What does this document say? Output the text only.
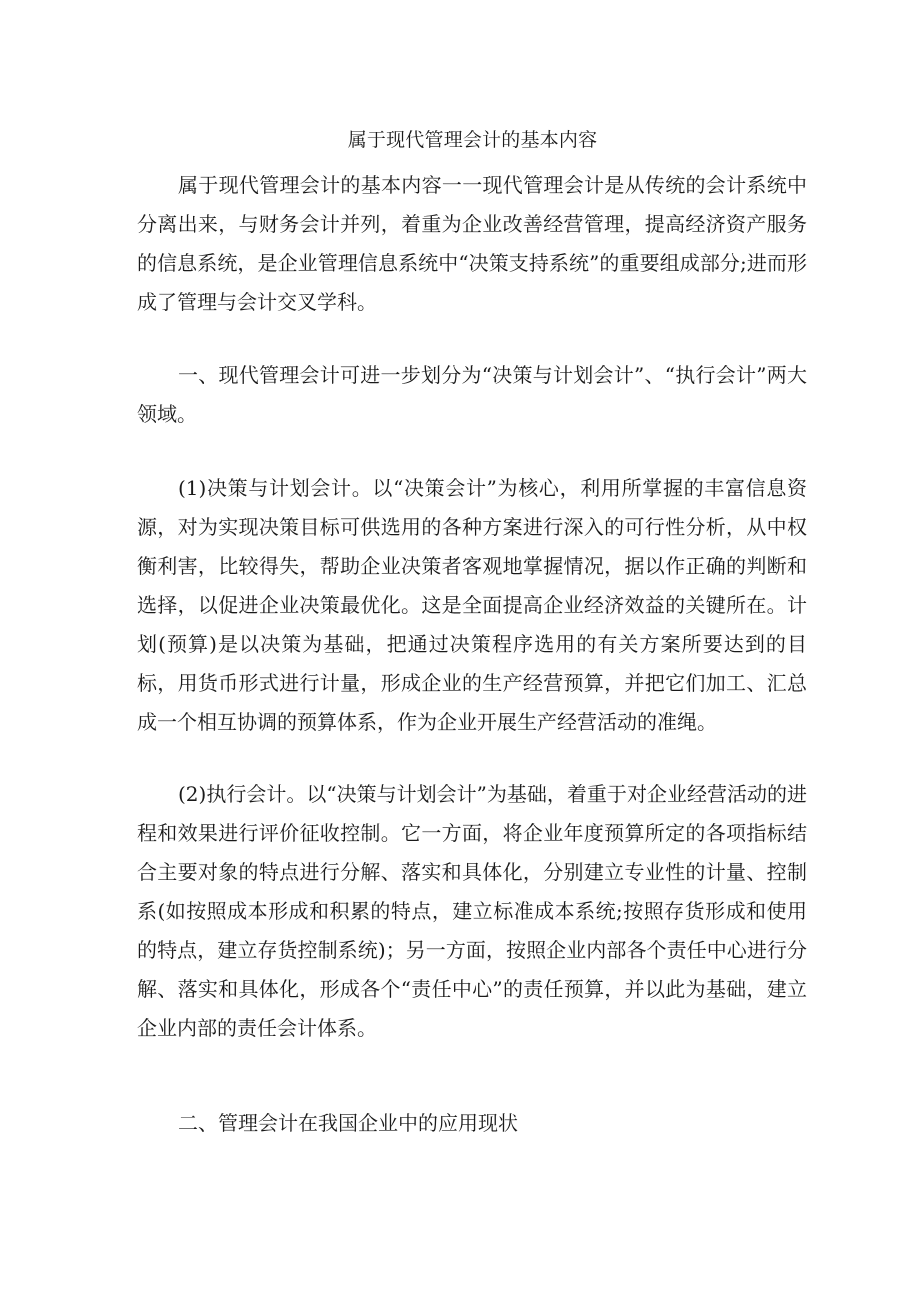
属于现代管理会计的基本内容

属于现代管理会计的基本内容一一现代管理会计是从传统的会计系统中分离出来，与财务会计并列，着重为企业改善经营管理，提高经济资产服务的信息系统，是企业管理信息系统中“决策支持系统”的重要组成部分;进而形成了管理与会计交叉学科。

一、现代管理会计可进一步划分为“决策与计划会计”、“执行会计”两大领域。

(1)决策与计划会计。以“决策会计”为核心，利用所掌握的丰富信息资源，对为实现决策目标可供选用的各种方案进行深入的可行性分析，从中权衡利害，比较得失，帮助企业决策者客观地掌握情况，据以作正确的判断和选择，以促进企业决策最优化。这是全面提高企业经济效益的关键所在。计划(预算)是以决策为基础，把通过决策程序选用的有关方案所要达到的目标，用货币形式进行计量，形成企业的生产经营预算，并把它们加工、汇总成一个相互协调的预算体系，作为企业开展生产经营活动的准绳。

(2)执行会计。以“决策与计划会计”为基础，着重于对企业经营活动的进程和效果进行评价征收控制。它一方面，将企业年度预算所定的各项指标结合主要对象的特点进行分解、落实和具体化，分别建立专业性的计量、控制系(如按照成本形成和积累的特点，建立标准成本系统;按照存货形成和使用的特点，建立存货控制系统)；另一方面，按照企业内部各个责任中心进行分解、落实和具体化，形成各个“责任中心”的责任预算，并以此为基础，建立企业内部的责任会计体系。

二、管理会计在我国企业中的应用现状
